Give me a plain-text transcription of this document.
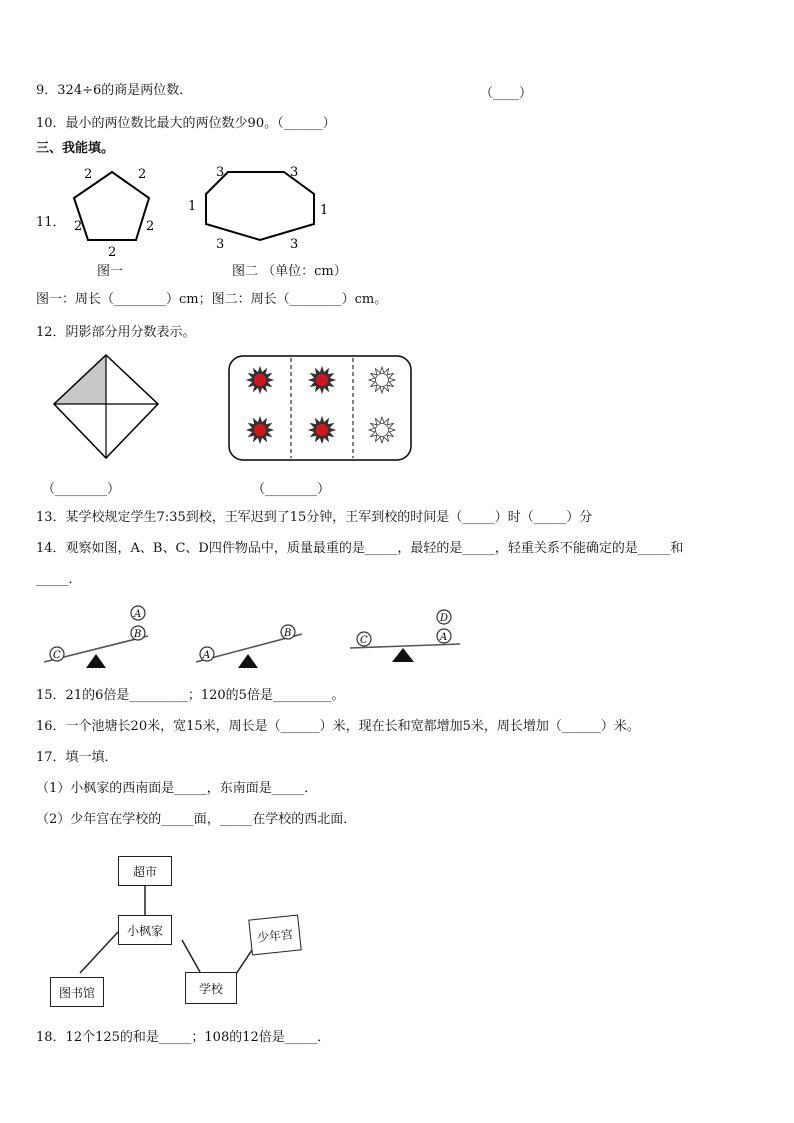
9．324÷6的商是两位数．	（____）
10．最小的两位数比最大的两位数少90。（______）
三、我能填。
11．
2	2
2	2
2
图一
3	3
3	3
1	1
图二 （单位：cm）
图一：周长（________）cm；图二：周长（________）cm。
12．阴影部分用分数表示。
（________）	（________）
13．某学校规定学生7:35到校，王军迟到了15分钟，王军到校的时间是（_____）时（_____）分
14．观察如图，A、B、C、D四件物品中，质量最重的是_____，最轻的是_____，轻重关系不能确定的是_____和
_____．
C
B
A
A
B
C	A
D
15．21的6倍是_________；120的5倍是_________。
16．一个池塘长20米，宽15米，周长是（______）米，现在长和宽都增加5米，周长增加（______）米。
17．填一填．
（1）小枫家的西南面是_____，东南面是_____．
（2）少年宫在学校的_____面，_____在学校的西北面．
超市
小枫家	少年宫
图书馆	学校
18．12个125的和是_____；108的12倍是_____．
